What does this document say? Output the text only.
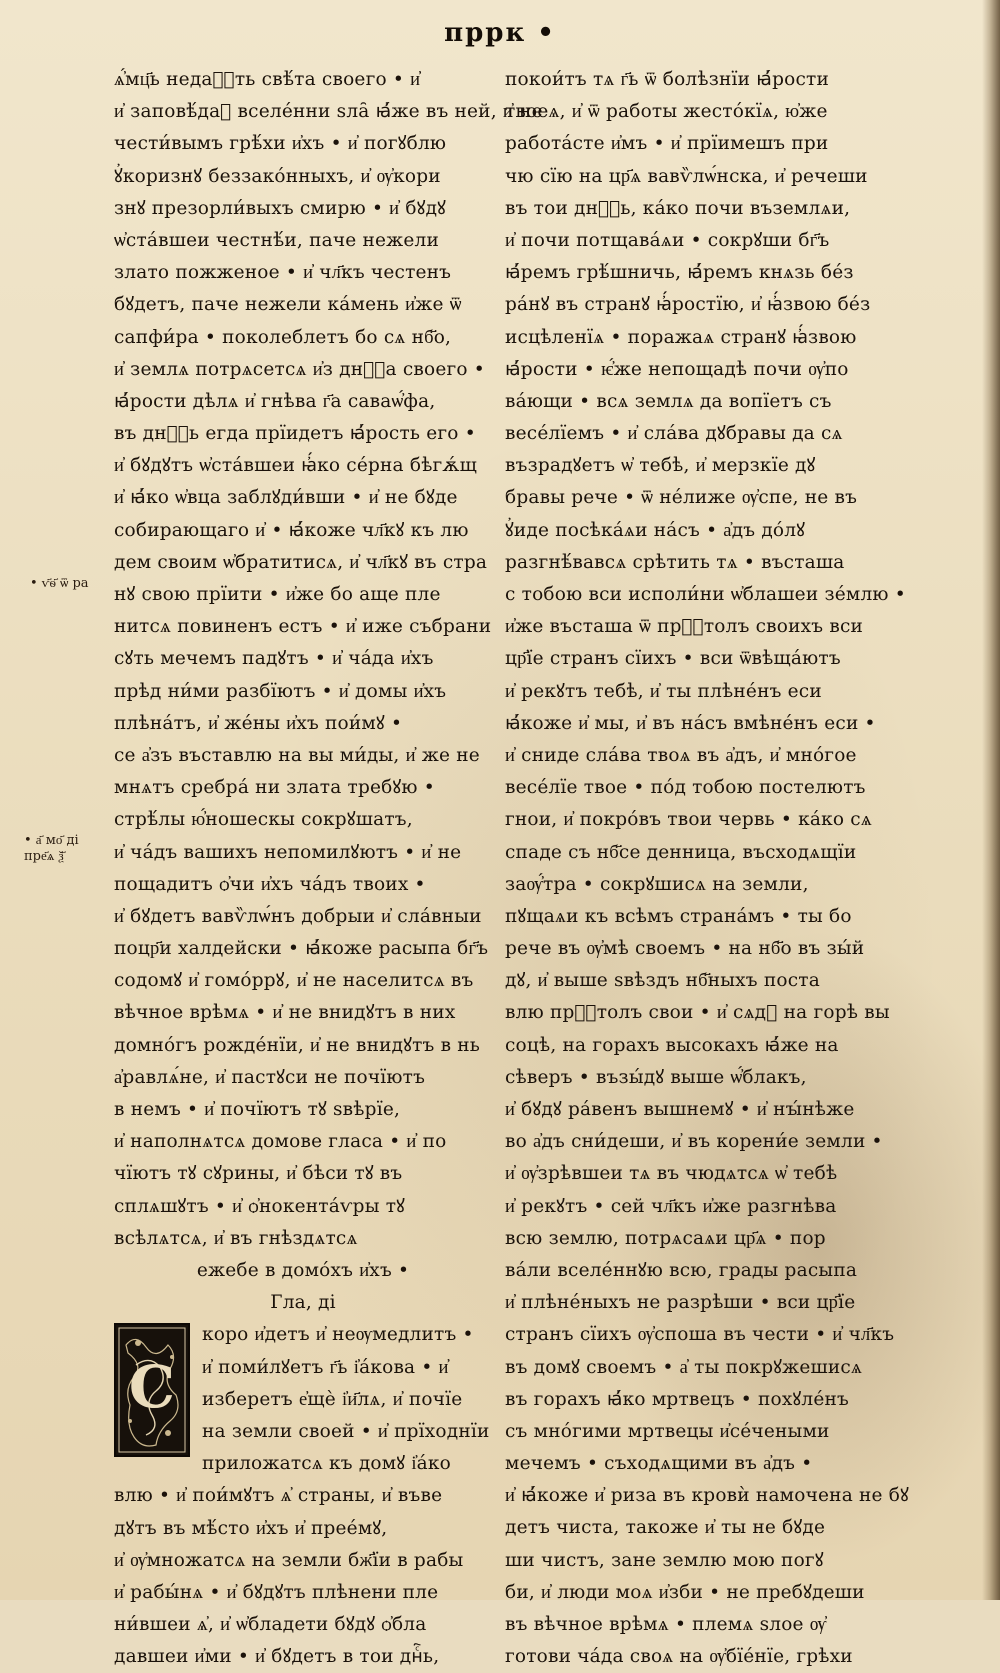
пррк •
• ѵ҃ѳ҃ ѿ ра
• а҃ мо҃ ді
пре҃ѧ ѯ҃
ѧ҆́мц҃ь недаⷭ҇ть свѣ́та своего • и҆
и҆ заповѣ́даⷨ вселе́нни ѕла̑ ꙗ҆́же въ ней, и҆ не
чести́вымъ грѣ́хи и҆хъ • и҆ погꙋблю
ꙋ҆коризнꙋ беззако́нныхъ, и҆ ѹ҆кори
знꙋ презорли́выхъ смирю • и҆ бꙋдꙋ
ѡ҆ста́вшеи честнѣ́и, паче нежели
злато пожженое • и҆ чл҃къ честенъ
бꙋдетъ, паче нежели ка́мень и҆же ѿ
сапфи́ра • поколеблетъ бо сѧ нб҃о,
и҆ землѧ потрѧсетсѧ и҆з днⷭ҇а своего •
ꙗ҆́рости дѣлѧ и҆ гнѣва г҃а саваѡ҆́фа,
въ днⷭ҇ь егда прїидетъ ꙗ҆́рость его •
и҆ бꙋдꙋтъ ѡ҆ста́вшеи ꙗ҆́ко се́рна бѣгѫ́щ
и҆ ꙗ҆́ко ѡ҆вца заблꙋди́вши • и҆ не бꙋде
собирающаго и҆ • ꙗ҆́коже чл҃кꙋ къ лю
дем своим ѡ҆братитисѧ, и҆ чл҃кꙋ въ стра
нꙋ свою прїити • и҆же бо аще пле
нитсѧ повиненъ естъ • и҆ иже събрани
сꙋть мечемъ падꙋтъ • и҆ ча́да и҆хъ
прѣд ни́ми разбїютъ • и҆ домы и҆хъ
плѣна́тъ, и҆ же́ны и҆хъ пои́мꙋ •
се а҆зъ въставлю на вы ми́ды, и҆ же не
мнѧтъ сребра́ ни злата требꙋю •
стрѣ́лы ю҆́ношескы сокрꙋшатъ,
и҆ ча́дъ вашихъ непомилꙋютъ • и҆ не
пощадитъ ѻ҆чи и҆хъ ча́дъ твоих •
и҆ бꙋдетъ вавѷлѡ́нъ добрыи и҆ сла́вныи
поцр҃и халдейски • ꙗ҆́коже расыпа бг҃ъ
содомꙋ и҆ гомо́ррꙋ, и҆ не населитсѧ въ
вѣчное врѣмѧ • и҆ не внидꙋтъ в них
домно́гъ рожде́нїи, и҆ не внидꙋтъ в нь
а҆равлѧ́не, и҆ пастꙋси не почїютъ
в немъ • и҆ почїютъ тꙋ ѕвѣрїе,
и҆ наполнѧтсѧ домове гласа • и҆ по
чїютъ тꙋ сꙋрины, и҆ бѣси тꙋ въ
сплѧшꙋтъ • и҆ ѻ҆нокента́ѵры тꙋ
всѣлѧтсѧ, и҆ въ гнѣздѧтсѧ
ежебе в домо́хъ и҆хъ •
Гла, ді
С
коро и҆детъ и҆ неѹмедлитъ •
и҆ поми́лꙋетъ г҃ь і҆а́кова • и҆
изберетъ е҆щѐ і҆и҃лѧ, и҆ почїе
на земли своей • и҆ прїходнїи
приложатсѧ къ домꙋ і҆а́ко
влю • и҆ пои́мꙋтъ ѧ҆ страны, и҆ въве
дꙋтъ въ мѣ́сто и҆хъ и҆ прее́мꙋ,
и҆ ѹ҆множатсѧ на земли бж҃їи в рабы
и҆ рабы́нѧ • и҆ бꙋдꙋтъ плѣнени пле
ни́вшеи ѧ҆, и҆ ѡ҆бладети бꙋдꙋ ѻ҆бла
давшеи и҆ми • и҆ бꙋдетъ в тои днⷭ҇ь,
покои́тъ тѧ г҃ь ѿ болѣзнїи ꙗ҆́рости
твоеѧ, и҆ ѿ работы жесто́кїѧ, ю҆же
работа́сте и҆мъ • и҆ прїимешъ при
чю сїю на цр҃ѧ вавѷлѡ́нска, и҆ речеши
въ тои днⷭ҇ь, ка́ко почи въземлѧи,
и҆ почи потщава́ѧи • сокрꙋши бг҃ъ
ꙗ҆́ремъ грѣ́шничь, ꙗ҆́ремъ кнѧзь бе́з
ра́нꙋ въ странꙋ ꙗ҆́ростїю, и҆ ꙗ҆́звою бе́з
исцѣленїѧ • поражаѧ странꙋ ꙗ҆́звою
ꙗ҆́рости • ѥ҆́же непощадѣ почи ѹ҆по
ва́ющи • всѧ землѧ да вопїетъ съ
весе́лїемъ • и҆ сла́ва дꙋбравы да сѧ
възрадꙋетъ ѡ҆ тебѣ, и҆ мерзкїе дꙋ
бравы рече • ѿ не́лиже ѹ҆спе, не въ
ꙋ҆иде посѣка́ѧи на́съ • а҆дъ до́лꙋ
разгнѣ́вавсѧ срѣтить тѧ • въсташа
с тобою вси исполи́ни ѡ҆блашеи зе́млю •
и҆же въсташа ѿ прⷭ҇толъ своихъ вси
цр҃їе странъ сїихъ • вси ѿвѣща́ютъ
и҆ рекꙋтъ тебѣ, и҆ ты плѣне́нъ еси
ꙗ҆́коже и҆ мы, и҆ въ на́съ вмѣне́нъ еси •
и҆ сниде сла́ва твоѧ въ а҆дъ, и҆ мно́гое
весе́лїе твое • по́д тобою постелютъ
гнои, и҆ покро́въ твои червь • ка́ко сѧ
спаде съ нб҃се денница, въсходѧщїи
заѹ҆́тра • сокрꙋшисѧ на земли,
пꙋщаѧи къ всѣмъ страна́мъ • ты бо
рече въ ѹ҆мѣ своемъ • на нб҃о въ зы́й
дꙋ, и҆ выше ѕвѣздъ нб҃ныхъ поста
влю прⷭ҇толъ свои • и҆ сѧдꙋ на горѣ вы
соцѣ, на горахъ высокахъ ꙗ҆́же на
сѣверъ • възы́дꙋ выше ѡ҆́блакъ,
и҆ бꙋдꙋ ра́венъ вышнемꙋ • и҆ нꙑ́нѣже
во а҆дъ сни́деши, и҆ въ корени́е земли •
и҆ ѹ҆зрѣвшеи тѧ въ чюдѧтсѧ ѡ҆ тебѣ
и҆ рекꙋтъ • сей чл҃къ и҆же разгнѣва
всю землю, потрѧсаѧи цр҃ѧ • пор
ва́ли вселе́ннꙋю всю, грады расыпа
и҆ плѣне́ныхъ не разрѣши • вси цр҃їе
странъ сїихъ ѹ҆споша въ чести • и҆ чл҃къ
въ домꙋ своемъ • а҆ ты покрꙋжешисѧ
въ горахъ ꙗ҆́ко мртвецъ • похꙋле́нъ
съ мно́гими мртвецы и҆се́чеными
мечемъ • съходѧщими въ а҆дъ •
и҆ ꙗ҆́коже и҆ риза въ кровѝ намочена не бꙋ
детъ чиста, такоже и҆ ты не бꙋде
ши чистъ, зане землю мою погꙋ
би, и҆ люди моѧ и҆зби • не пребꙋдеши
въ вѣчное врѣмѧ • племѧ ѕлое ѹ҆
готови ча́да своѧ на ѹ҆бїе́нїе, грѣхи
